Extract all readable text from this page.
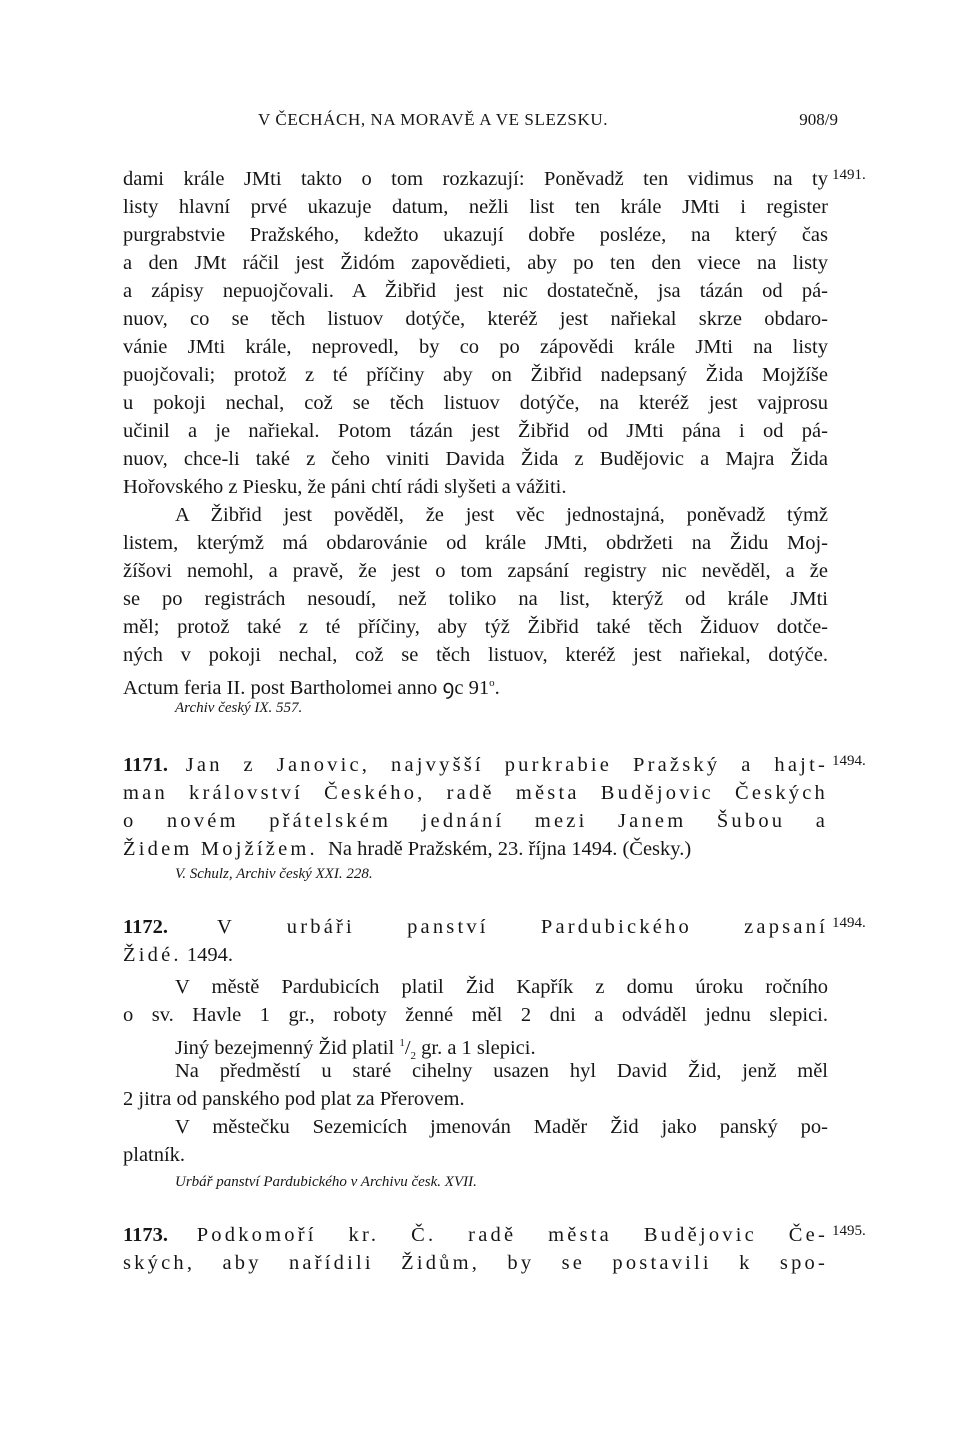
V ČECHÁCH, NA MORAVĚ A VE SLEZSKU.	908/9
dami krále JMti takto o tom rozkazují: Poněvadž ten vidimus na ty
listy hlavní prvé ukazuje datum, nežli list ten krále JMti i register
purgrabstvie Pražského, kdežto ukazují dobře posléze, na který čas
a den JMt ráčil jest Židóm zapovědieti, aby po ten den viece na listy
a zápisy nepuojčovali. A Žibřid jest nic dostatečně, jsa tázán od pá-
nuov, co se těch listuov dotýče, kteréž jest nařiekal skrze obdaro-
vánie JMti krále, neprovedl, by co po zápovědi krále JMti na listy
puojčovali; protož z té příčiny aby on Žibřid nadepsaný Žida Mojžíše
u pokoji nechal, což se těch listuov dotýče, na kteréž jest vajprosu
učinil a je nařiekal. Potom tázán jest Žibřid od JMti pána i od pá-
nuov, chce-li také z čeho viniti Davida Žida z Budějovic a Majra Žida
Hořovského z Piesku, že páni chtí rádi slyšeti a vážiti.
1491.
A Žibřid jest pověděl, že jest věc jednostajná, poněvadž týmž
listem, kterýmž má obdarovánie od krále JMti, obdržeti na Židu Moj-
žíšovi nemohl, a pravě, že jest o tom zapsání registry nic nevěděl, a že
se po registrách nesoudí, než toliko na list, kterýž od krále JMti
měl; protož také z té příčiny, aby týž Žibřid také těch Židuov dotče-
ných v pokoji nechal, což se těch listuov, kteréž jest nařiekal, dotýče.
Actum feria II. post Bartholomei anno ꝯc 91$^o$.
Archiv český IX. 557.
1171. Jan z Janovic, najvyšší purkrabie Pražský a hajt-
man království Českého, radě města Budějovic Českých
o novém přátelském jednání mezi Janem Šubou a
Židem Mojžížem. Na hradě Pražském, 23. října 1494. (Česky.)
V. Schulz, Archiv český XXI. 228.
1494.
1172. V urbáři panství Pardubického zapsaní
Židé. 1494.
V městě Pardubicích platil Žid Kapřík z domu úroku ročního
o sv. Havle 1 gr., roboty ženné měl 2 dni a odváděl jednu slepici.
Jiný bezejmenný Žid platil $^1/_2$ gr. a 1 slepici.
Na předměstí u staré cihelny usazen hyl David Žid, jenž měl
2 jitra od panského pod plat za Přerovem.
V městečku Sezemicích jmenován Maděr Žid jako panský po-
platník.
Urbář panství Pardubického v Archivu česk. XVII.
1494.
1173. Podkomoří kr. Č. radě města Budějovic Če-
ských, aby nařídili Židům, by se postavili k spo-
1495.
